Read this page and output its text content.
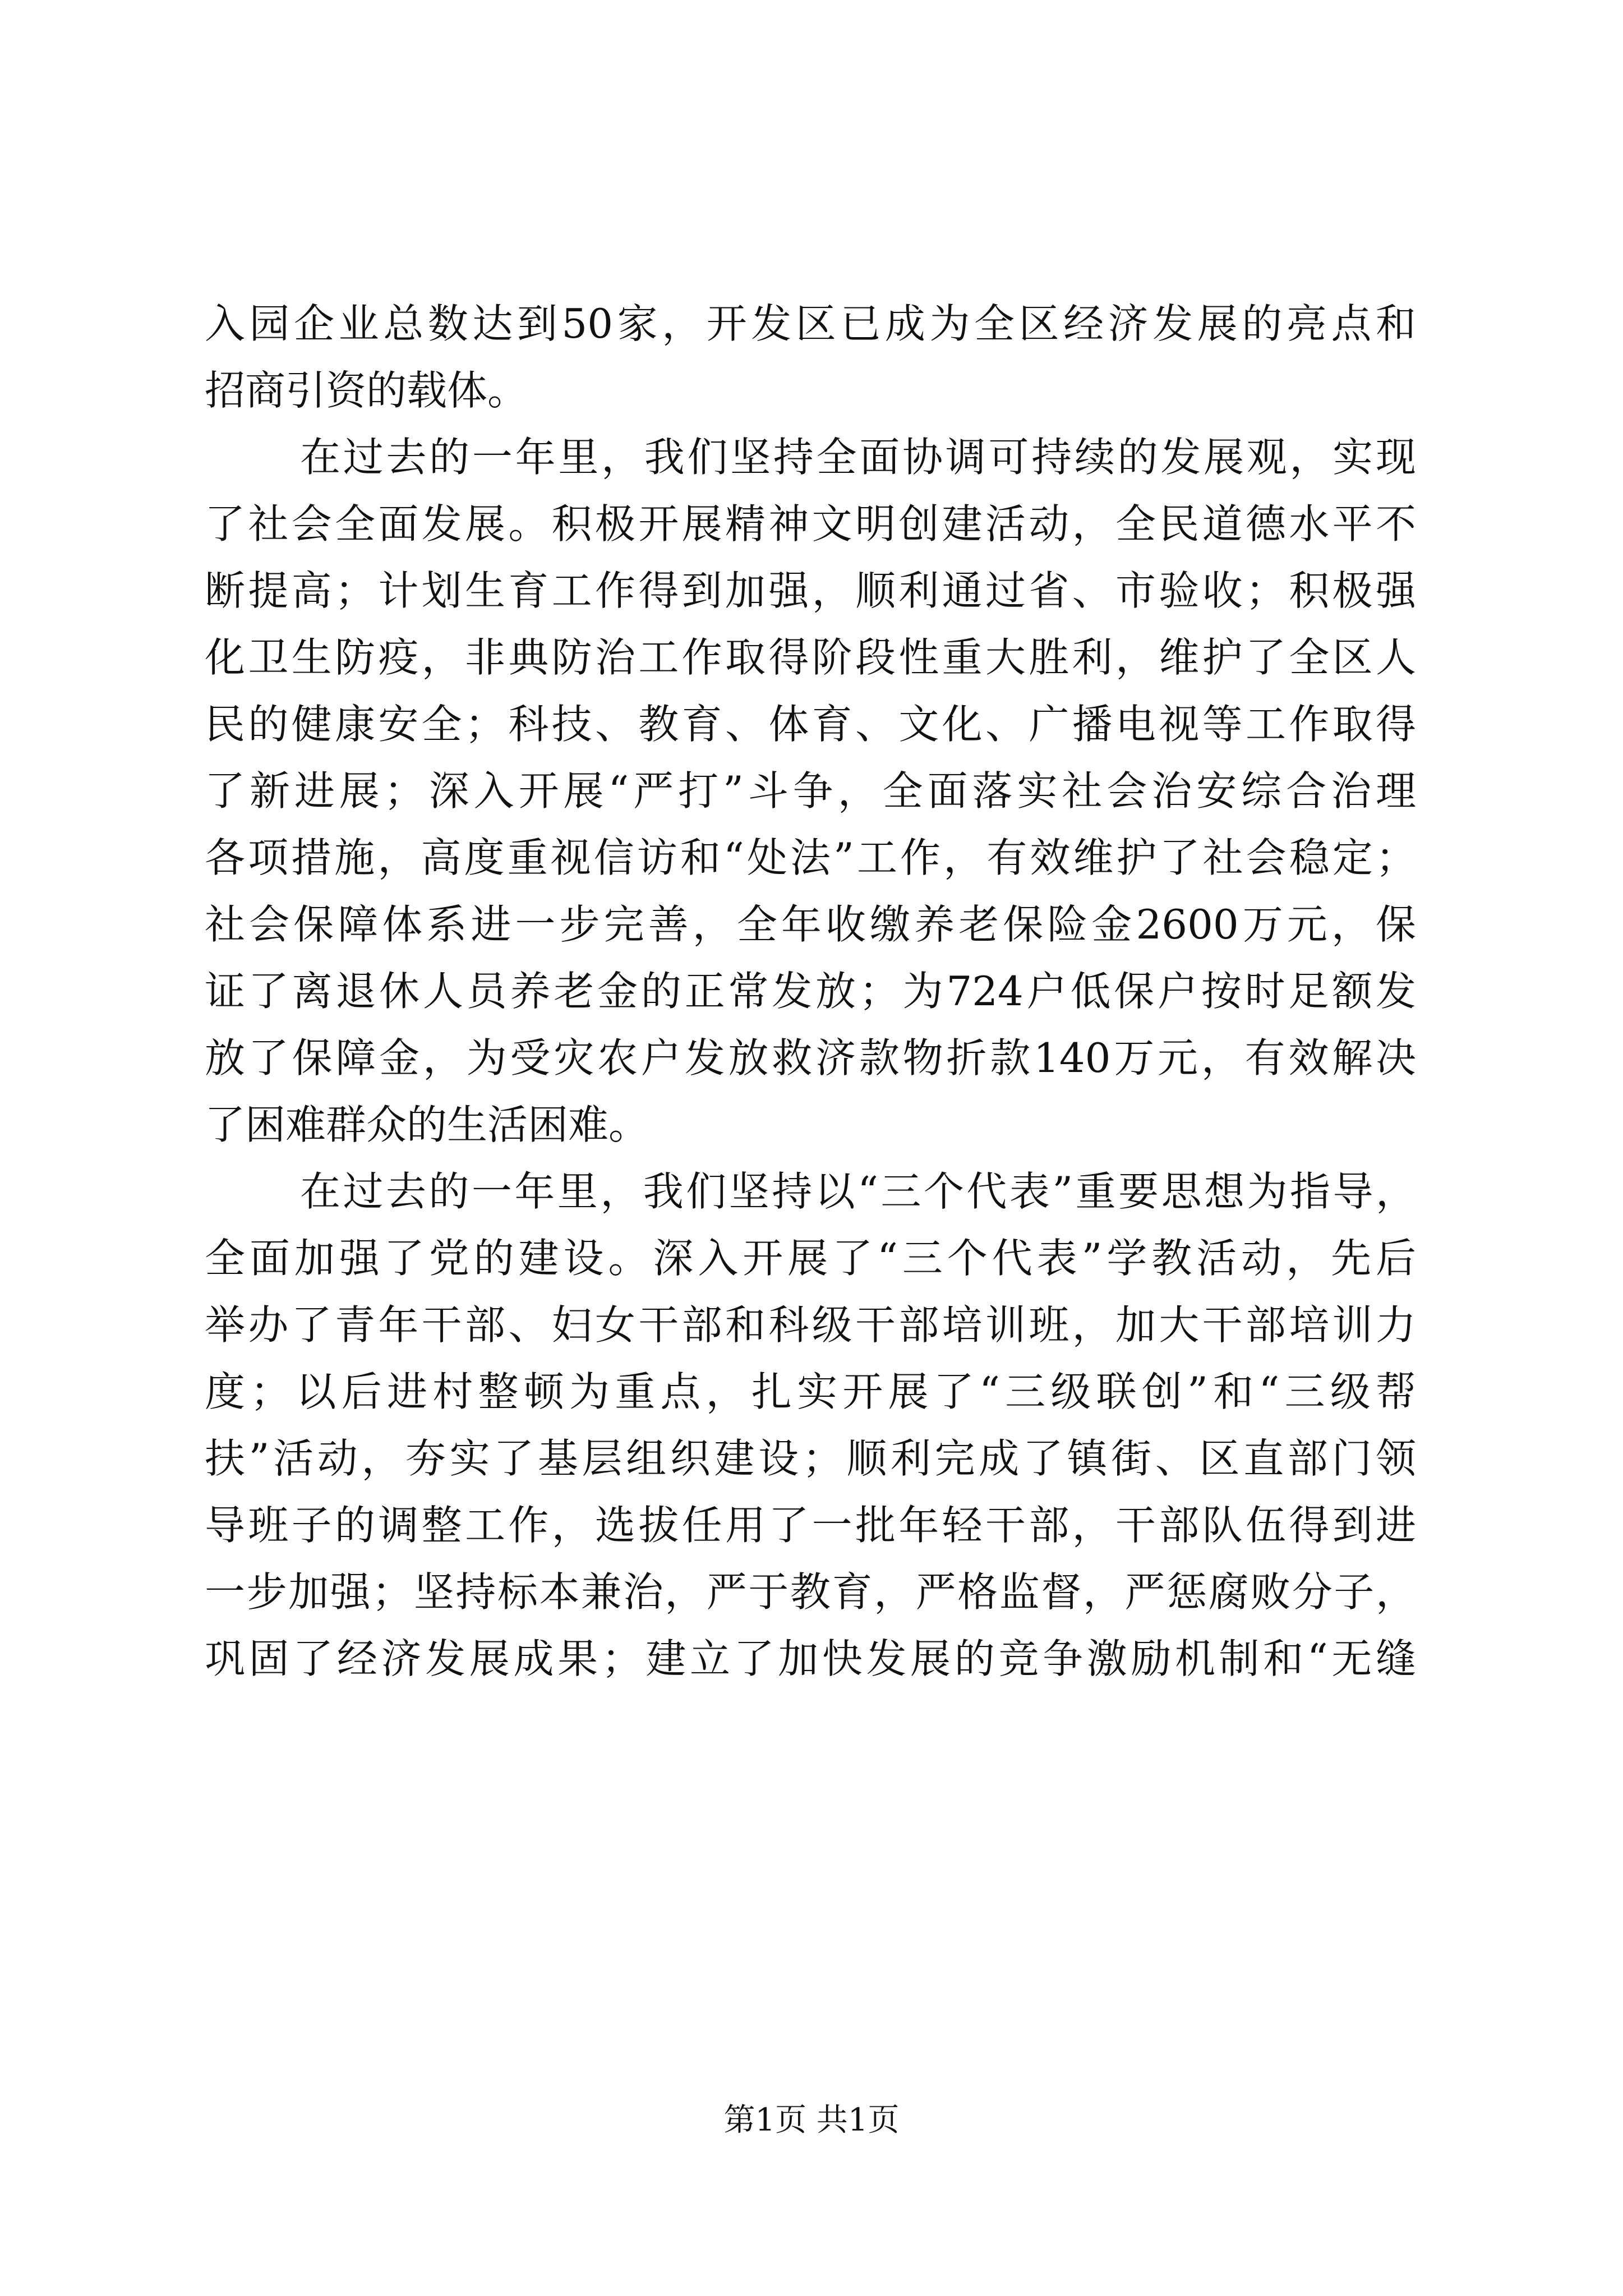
入园企业总数达到50家，开发区已成为全区经济发展的亮点和
招商引资的载体。
在过去的一年里，我们坚持全面协调可持续的发展观，实现
了社会全面发展。积极开展精神文明创建活动，全民道德水平不
断提高；计划生育工作得到加强，顺利通过省、市验收；积极强
化卫生防疫，非典防治工作取得阶段性重大胜利，维护了全区人
民的健康安全；科技、教育、体育、文化、广播电视等工作取得
了新进展；深入开展“严打”斗争，全面落实社会治安综合治理
各项措施，高度重视信访和“处法”工作，有效维护了社会稳定；
社会保障体系进一步完善，全年收缴养老保险金2600万元，保
证了离退休人员养老金的正常发放；为724户低保户按时足额发
放了保障金，为受灾农户发放救济款物折款140万元，有效解决
了困难群众的生活困难。
在过去的一年里，我们坚持以“三个代表”重要思想为指导，
全面加强了党的建设。深入开展了“三个代表”学教活动，先后
举办了青年干部、妇女干部和科级干部培训班，加大干部培训力
度；以后进村整顿为重点，扎实开展了“三级联创”和“三级帮
扶”活动，夯实了基层组织建设；顺利完成了镇街、区直部门领
导班子的调整工作，选拔任用了一批年轻干部，干部队伍得到进
一步加强；坚持标本兼治，严于教育，严格监督，严惩腐败分子，
巩固了经济发展成果；建立了加快发展的竞争激励机制和“无缝
第1页 共1页
